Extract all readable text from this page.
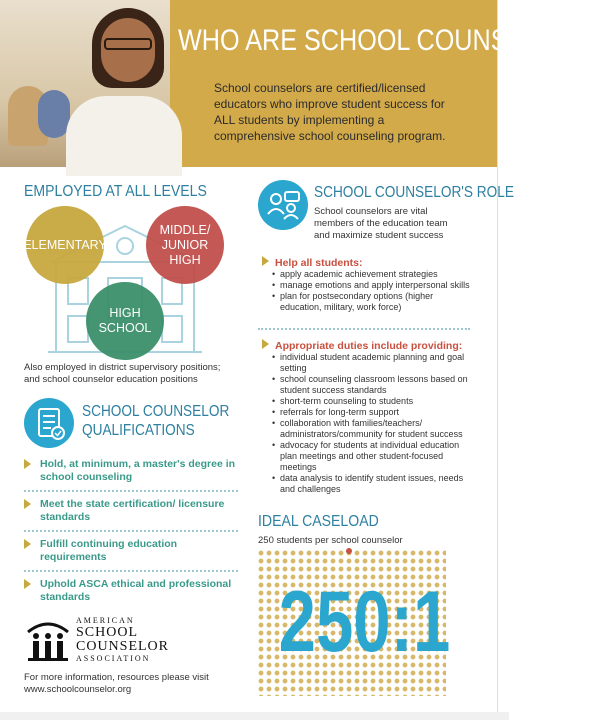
WHO ARE SCHOOL COUNSELORS?
School counselors are certified/licensed educators who improve student success for ALL students by implementing a comprehensive school counseling program.
EMPLOYED AT ALL LEVELS
ELEMENTARY
MIDDLE/ JUNIOR HIGH
HIGH SCHOOL
Also employed in district supervisory positions; and school counselor education positions
SCHOOL COUNSELOR
QUALIFICATIONS
Hold, at minimum, a master's degree in school counseling
Meet the state certification/ licensure standards
Fulfill continuing education requirements
Uphold ASCA ethical and professional standards
AMERICAN
SCHOOL
COUNSELOR
ASSOCIATION
For more information, resources please visit www.schoolcounselor.org
SCHOOL COUNSELOR'S ROLE
School counselors are vital members of the education team and maximize student success
Help all students:
• apply academic achievement strategies
• manage emotions and apply interpersonal skills
• plan for postsecondary options (higher education, military, work force)
Appropriate duties include providing:
• individual student academic planning and goal setting
• school counseling classroom lessons based on student success standards
• short-term counseling to students
• referrals for long-term support
• collaboration with families/teachers/ administrators/community for student success
• advocacy for students at individual education plan meetings and other student-focused meetings
• data analysis to identify student issues, needs and challenges
IDEAL CASELOAD
250 students per school counselor
250:1
